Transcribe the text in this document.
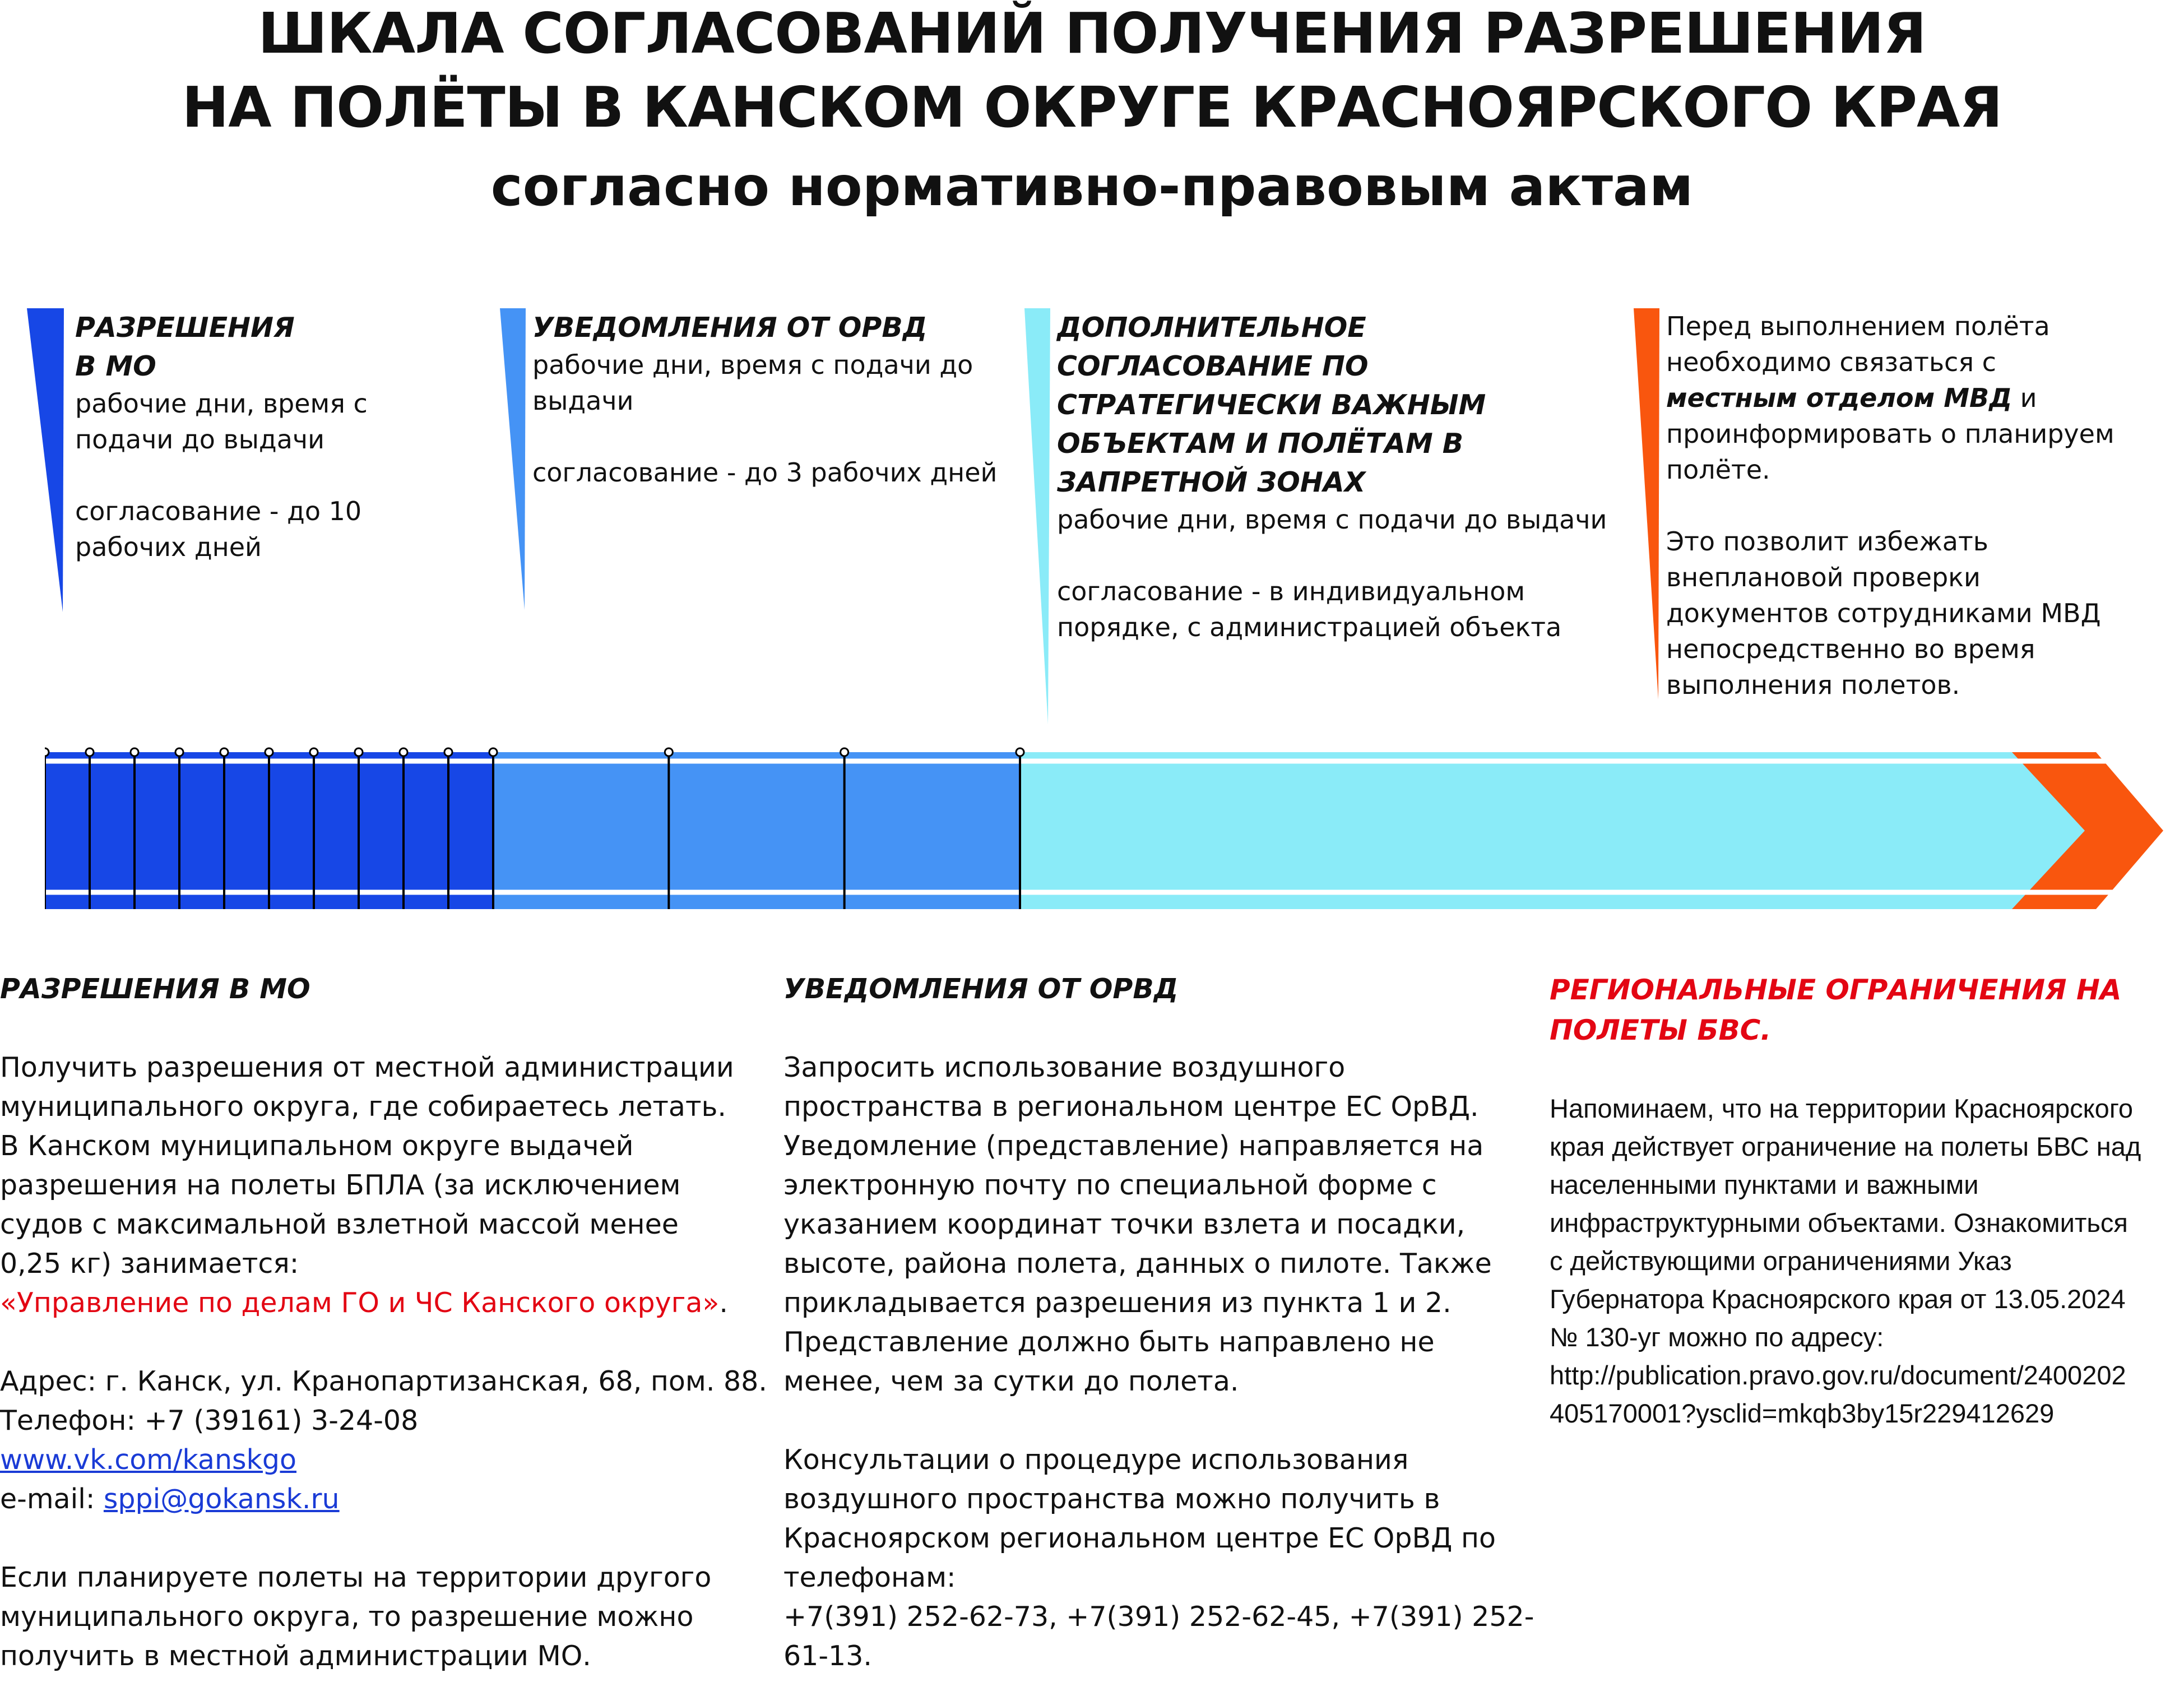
ШКАЛА СОГЛАСОВАНИЙ ПОЛУЧЕНИЯ РАЗРЕШЕНИЯ
НА ПОЛЁТЫ В КАНСКОМ ОКРУГЕ КРАСНОЯРСКОГО КРАЯ
согласно нормативно-правовым актам
РАЗРЕШЕНИЯ
В МО
рабочие дни, время с
подачи до выдачи
согласование - до 10
рабочих дней
УВЕДОМЛЕНИЯ ОТ ОРВД
рабочие дни, время с подачи до
выдачи
согласование - до 3 рабочих дней
ДОПОЛНИТЕЛЬНОЕ
СОГЛАСОВАНИЕ ПО
СТРАТЕГИЧЕСКИ ВАЖНЫМ
ОБЪЕКТАМ И ПОЛЁТАМ В
ЗАПРЕТНОЙ ЗОНАХ
рабочие дни, время с подачи до выдачи
согласование - в индивидуальном
порядке, с администрацией объекта
Перед выполнением полёта
необходимо связаться с
местным отделом МВД и
проинформировать о планируем
полёте.
Это позволит избежать
внеплановой проверки
документов сотрудниками МВД
непосредственно во время
выполнения полетов.
РАЗРЕШЕНИЯ В МО
Получить разрешения от местной администрации
муниципального округа, где собираетесь летать.
В Канском муниципальном округе выдачей
разрешения на полеты БПЛА (за исключением
судов с максимальной взлетной массой менее
0,25 кг) занимается:
«Управление по делам ГО и ЧС Канского округа».
Адрес: г. Канск, ул. Кранопартизанская, 68, пом. 88.
Телефон: +7 (39161) 3-24-08
www.vk.com/kanskgo
e-mail: sppi@gokansk.ru
Если планируете полеты на территории другого
муниципального округа, то разрешение можно
получить в местной администрации МО.
УВЕДОМЛЕНИЯ ОТ ОРВД
Запросить использование воздушного
пространства в региональном центре ЕС ОрВД.
Уведомление (представление) направляется на
электронную почту по специальной форме с
указанием координат точки взлета и посадки,
высоте, района полета, данных о пилоте. Также
прикладывается разрешения из пункта 1 и 2.
Представление должно быть направлено не
менее, чем за сутки до полета.
Консультации о процедуре использования
воздушного пространства можно получить в
Красноярском региональном центре ЕС ОрВД по
телефонам:
+7(391) 252-62-73, +7(391) 252-62-45, +7(391) 252-61-13.
РЕГИОНАЛЬНЫЕ ОГРАНИЧЕНИЯ НА
ПОЛЕТЫ БВС.
Напоминаем, что на территории Красноярского
края действует ограничение на полеты БВС над
населенными пунктами и важными
инфраструктурными объектами. Ознакомиться
с действующими ограничениями Указ
Губернатора Красноярского края от 13.05.2024
№ 130-уг можно по адресу:
http://publication.pravo.gov.ru/document/2400202
405170001?ysclid=mkqb3by15r229412629
